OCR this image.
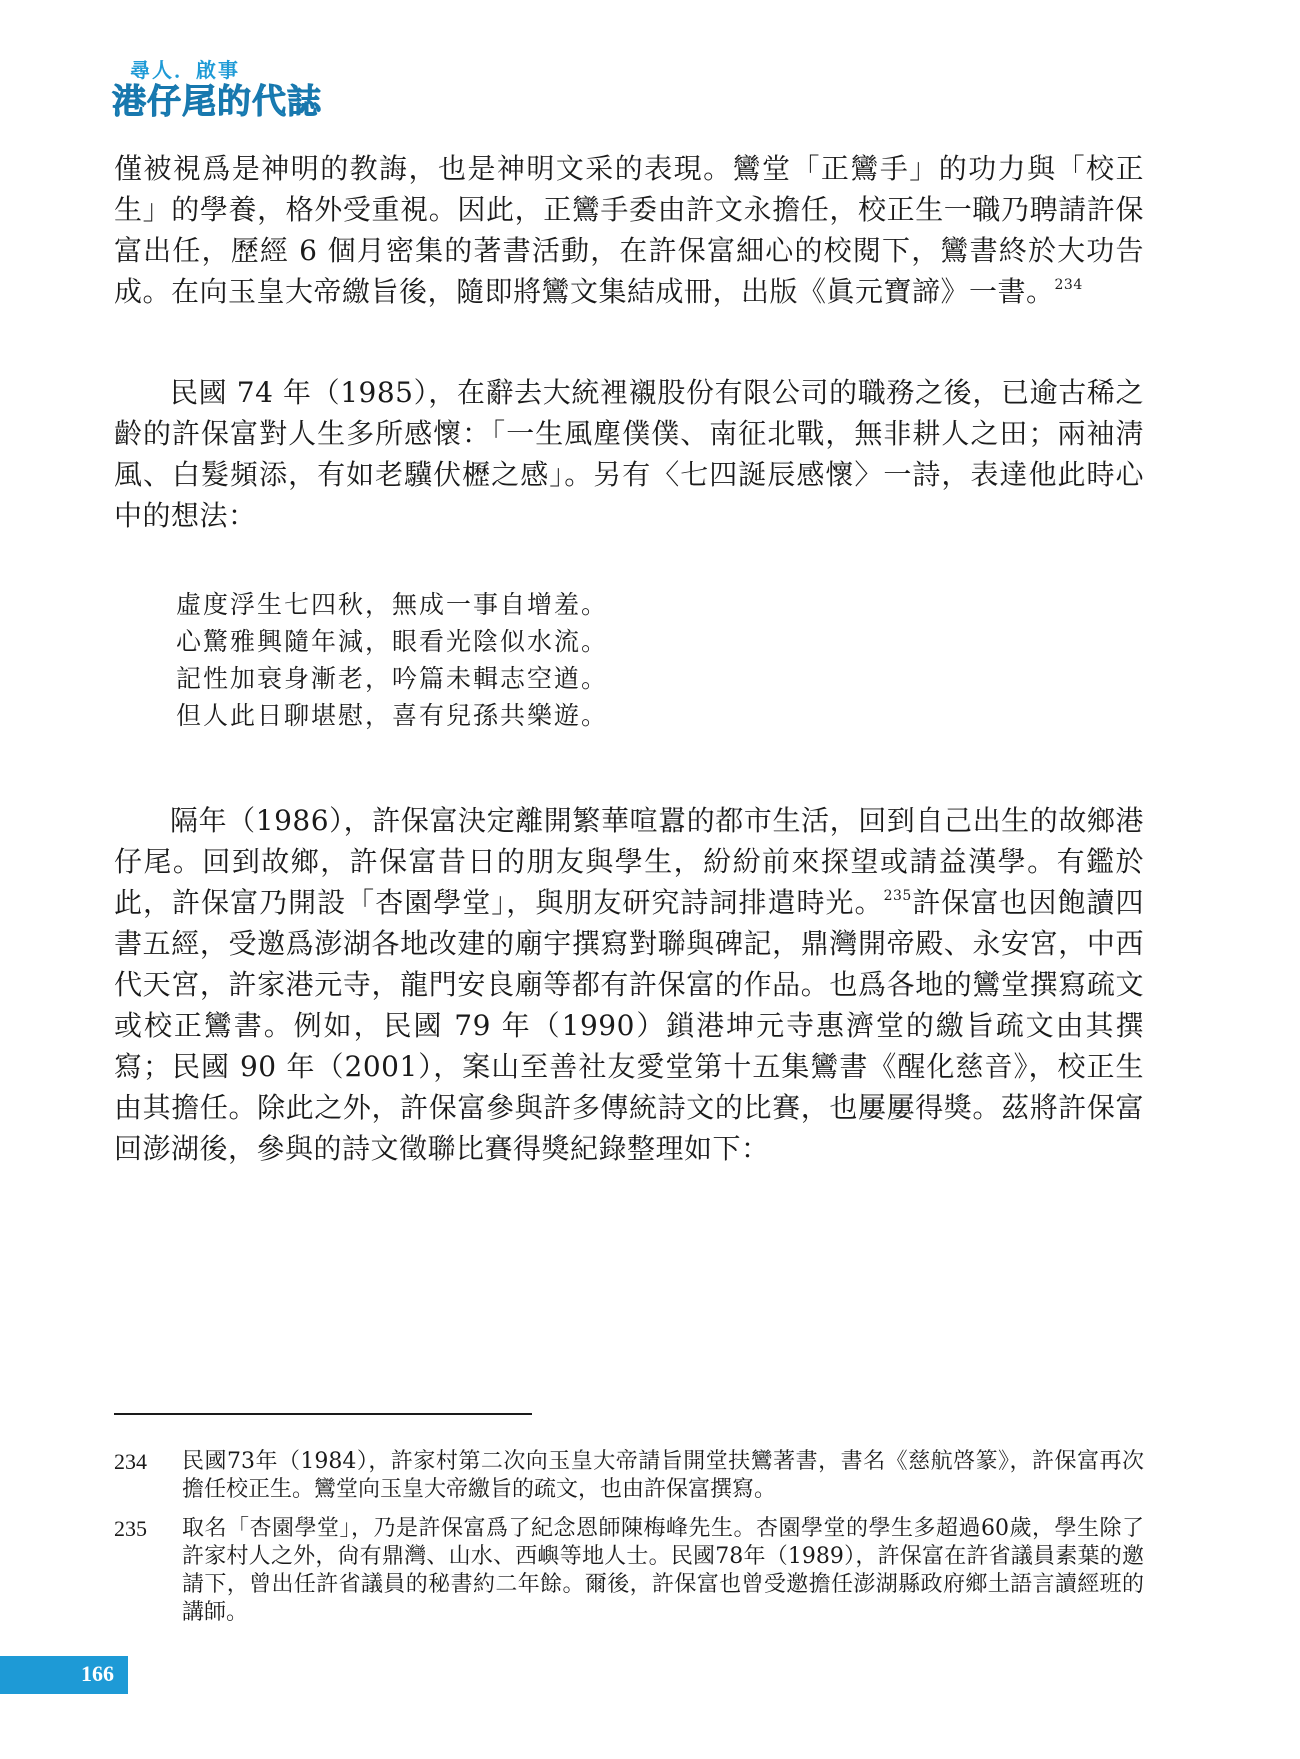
尋人．啟事
港仔尾的代誌

僅被視爲是神明的教誨，也是神明文采的表現。鸞堂「正鸞手」的功力與「校正生」的學養，格外受重視。因此，正鸞手委由許文永擔任，校正生一職乃聘請許保富出任，歷經 6 個月密集的著書活動，在許保富細心的校閱下，鸞書終於大功告成。在向玉皇大帝繳旨後，隨即將鸞文集結成冊，出版《眞元寶諦》一書。$^{234}$

民國 74 年（1985），在辭去大統裡襯股份有限公司的職務之後，已逾古稀之齡的許保富對人生多所感懷：「一生風塵僕僕、南征北戰，無非耕人之田；兩袖淸風、白髮頻添，有如老驥伏櫪之感」。另有〈七四誕辰感懷〉一詩，表達他此時心中的想法：

虛度浮生七四秋，無成一事自增羞。

心驚雅興隨年減，眼看光陰似水流。

記性加衰身漸老，吟篇未輯志空遒。

但人此日聊堪慰，喜有兒孫共樂遊。

隔年（1986），許保富決定離開繁華喧囂的都市生活，回到自己出生的故鄉港仔尾。回到故鄉，許保富昔日的朋友與學生，紛紛前來探望或請益漢學。有鑑於此，許保富乃開設「杏園學堂」，與朋友研究詩詞排遣時光。$^{235}$許保富也因飽讀四書五經，受邀爲澎湖各地改建的廟宇撰寫對聯與碑記，鼎灣開帝殿、永安宮，中西代天宮，許家港元寺，龍門安良廟等都有許保富的作品。也爲各地的鸞堂撰寫疏文或校正鸞書。例如，民國 79 年（1990）鎖港坤元寺惠濟堂的繳旨疏文由其撰寫；民國 90 年（2001），案山至善社友愛堂第十五集鸞書《醒化慈音》，校正生由其擔任。除此之外，許保富參與許多傳統詩文的比賽，也屢屢得獎。茲將許保富回澎湖後，參與的詩文徵聯比賽得獎紀錄整理如下：

234 民國73年（1984），許家村第二次向玉皇大帝請旨開堂扶鸞著書，書名《慈航啓篆》，許保富再次擔任校正生。鸞堂向玉皇大帝繳旨的疏文，也由許保富撰寫。

235 取名「杏園學堂」，乃是許保富爲了紀念恩師陳梅峰先生。杏園學堂的學生多超過60歲，學生除了許家村人之外，尙有鼎灣、山水、西嶼等地人士。民國78年（1989），許保富在許省議員素葉的邀請下，曾出任許省議員的秘書約二年餘。爾後，許保富也曾受邀擔任澎湖縣政府鄉土語言讀經班的講師。

166
